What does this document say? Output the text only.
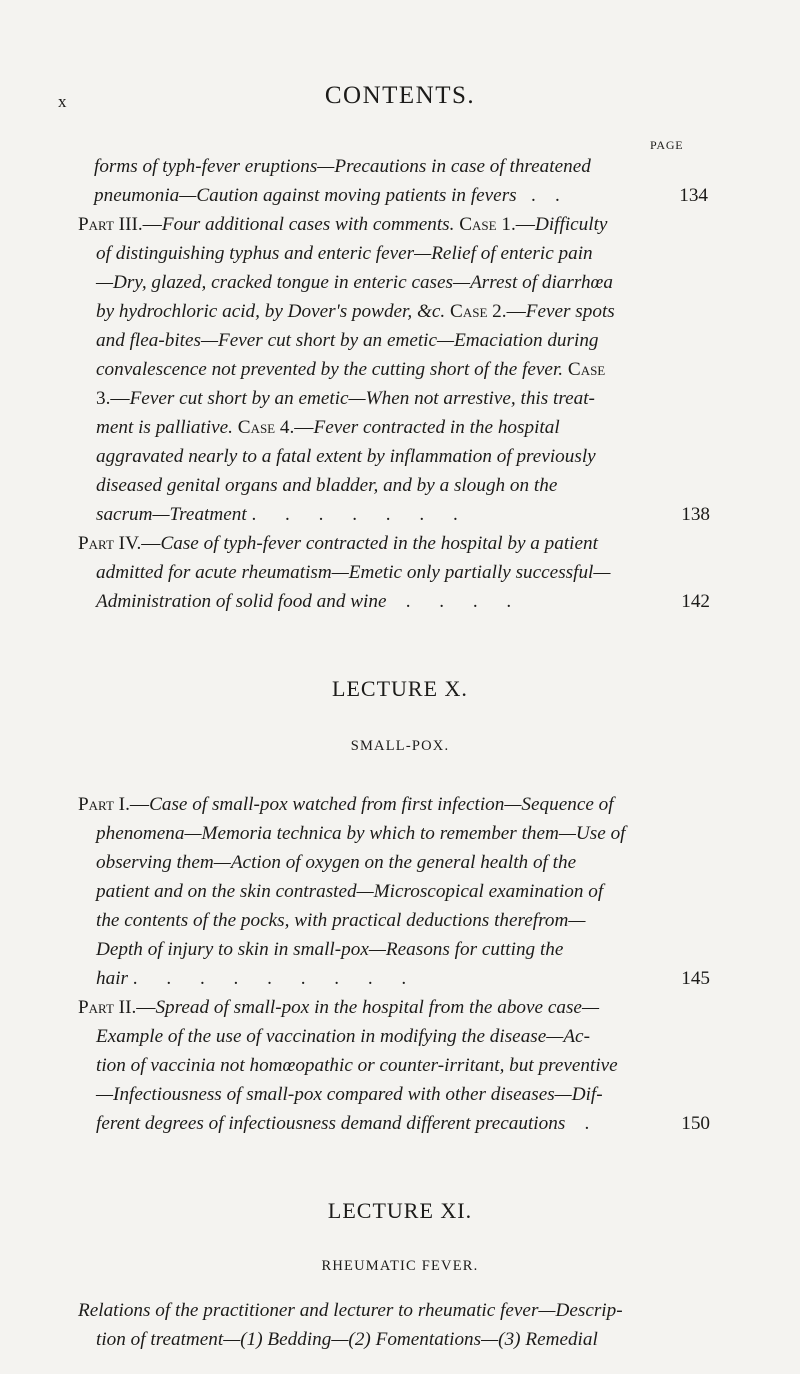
x	CONTENTS.
PAGE
forms of typh-fever eruptions—Precautions in case of threatened
pneumonia—Caution against moving patients in fevers   .    .	134
Part III.—Four additional cases with comments. Case 1.—Difficulty
of distinguishing typhus and enteric fever—Relief of enteric pain
—Dry, glazed, cracked tongue in enteric cases—Arrest of diarrhœa
by hydrochloric acid, by Dover's powder, &c. Case 2.—Fever spots
and flea-bites—Fever cut short by an emetic—Emaciation during
convalescence not prevented by the cutting short of the fever. Case
3.—Fever cut short by an emetic—When not arrestive, this treat-
ment is palliative. Case 4.—Fever contracted in the hospital
aggravated nearly to a fatal extent by inflammation of previously
diseased genital organs and bladder, and by a slough on the
sacrum—Treatment .      .      .      .      .      .      .	138
Part IV.—Case of typh-fever contracted in the hospital by a patient
admitted for acute rheumatism—Emetic only partially successful—
Administration of solid food and wine    .      .      .      .	142
LECTURE X.
SMALL-POX.
Part I.—Case of small-pox watched from first infection—Sequence of
phenomena—Memoria technica by which to remember them—Use of
observing them—Action of oxygen on the general health of the
patient and on the skin contrasted—Microscopical examination of
the contents of the pocks, with practical deductions therefrom—
Depth of injury to skin in small-pox—Reasons for cutting the
hair .      .      .      .      .      .      .      .      .	145
Part II.—Spread of small-pox in the hospital from the above case—
Example of the use of vaccination in modifying the disease—Ac-
tion of vaccinia not homœopathic or counter-irritant, but preventive
—Infectiousness of small-pox compared with other diseases—Dif-
ferent degrees of infectiousness demand different precautions    .	150
LECTURE XI.
RHEUMATIC FEVER.
Relations of the practitioner and lecturer to rheumatic fever—Descrip-
tion of treatment—(1) Bedding—(2) Fomentations—(3) Remedial
